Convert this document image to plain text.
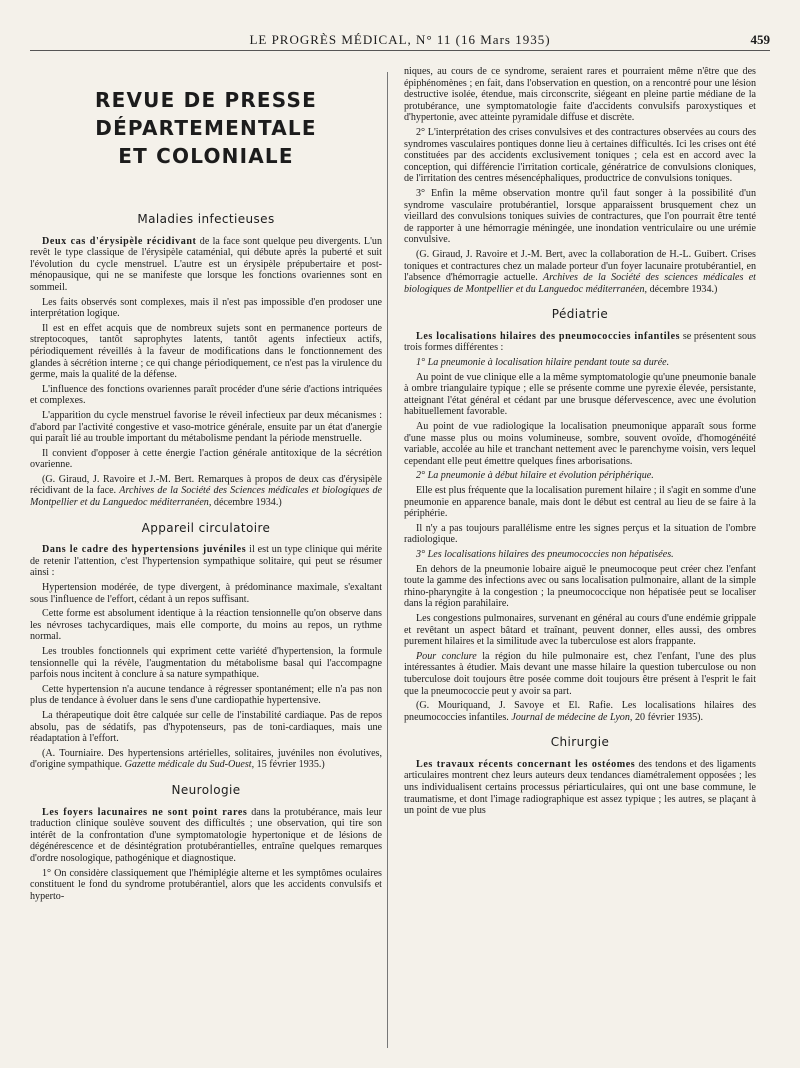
LE PROGRÈS MÉDICAL, N° 11 (16 Mars 1935)	459
REVUE DE PRESSE DÉPARTEMENTALE
ET COLONIALE
Maladies infectieuses

Deux cas d'érysipèle récidivant de la face sont quelque peu divergents. L'un revêt le type classique de l'érysipèle cataménial, qui débute après la puberté et suit l'évolution du cycle menstruel. L'autre est un érysipèle prépubertaire et post-ménopausique, qui ne se manifeste que lorsque les fonctions ovariennes sont en sommeil.

Les faits observés sont complexes, mais il n'est pas impossible d'en prodoser une interprétation logique.

Il est en effet acquis que de nombreux sujets sont en permanence porteurs de streptocoques, tantôt saprophytes latents, tantôt agents infectieux actifs, périodiquement réveillés à la faveur de modifications dans le fonctionnement des glandes à sécrétion interne ; ce qui change périodiquement, ce n'est pas la virulence du germe, mais la qualité de la défense.

L'influence des fonctions ovariennes paraît procéder d'une série d'actions intriquées et complexes.

L'apparition du cycle menstruel favorise le réveil infectieux par deux mécanismes : d'abord par l'activité congestive et vaso-motrice générale, ensuite par un état d'anergie qui paraît lié au trouble important du métabolisme pendant la période menstruelle.

Il convient d'opposer à cette énergie l'action générale antitoxique de la sécrétion ovarienne.

(G. Giraud, J. Ravoire et J.-M. Bert. Remarques à propos de deux cas d'érysipèle récidivant de la face. Archives de la Société des Sciences médicales et biologiques de Montpellier et du Languedoc méditerranéen, décembre 1934.)

Appareil circulatoire

Dans le cadre des hypertensions juvéniles il est un type clinique qui mérite de retenir l'attention, c'est l'hypertension sympathique solitaire, qui peut se résumer ainsi :

Hypertension modérée, de type divergent, à prédominance maximale, s'exaltant sous l'influence de l'effort, cédant à un repos suffisant.

Cette forme est absolument identique à la réaction tensionnelle qu'on observe dans les névroses tachycardiques, mais elle comporte, du moins au repos, un rythme normal.

Les troubles fonctionnels qui expriment cette variété d'hypertension, la formule tensionnelle qui la révèle, l'augmentation du métabolisme basal qui l'accompagne parfois nous incitent à conclure à sa nature sympathique.

Cette hypertension n'a aucune tendance à régresser spontanément; elle n'a pas non plus de tendance à évoluer dans le sens d'une cardiopathie hypertensive.

La thérapeutique doit être calquée sur celle de l'instabilité cardiaque. Pas de repos absolu, pas de sédatifs, pas d'hypotenseurs, pas de toni-cardiaques, mais une réadaptation à l'effort.

(A. Tourniaire. Des hypertensions artérielles, solitaires, juvéniles non évolutives, d'origine sympathique. Gazette médicale du Sud-Ouest, 15 février 1935.)

Neurologie

Les foyers lacunaires ne sont point rares dans la protubérance, mais leur traduction clinique soulève souvent des difficultés ; une observation, qui tire son intérêt de la confrontation d'une symptomatologie hypertonique et de lésions de dégénérescence et de désintégration protubérantielles, entraîne quelques remarques d'ordre nosologique, pathogénique et diagnostique.

1° On considère classiquement que l'hémiplégie alterne et les symptômes oculaires constituent le fond du syndrome protubérantiel, alors que les accidents convulsifs et hyperto-

niques, au cours de ce syndrome, seraient rares et pourraient même n'être que des épiphénomènes ; en fait, dans l'observation en question, on a rencontré pour une lésion destructive isolée, étendue, mais circonscrite, siégeant en pleine partie médiane de la protubérance, une symptomatologie faite d'accidents convulsifs paroxystiques et d'hypertonie, avec atteinte pyramidale diffuse et discrète.

2° L'interprétation des crises convulsives et des contractures observées au cours des syndromes vasculaires pontiques donne lieu à certaines difficultés. Ici les crises ont été constituées par des accidents exclusivement toniques ; cela est en accord avec la conception, qui différencie l'irritation corticale, génératrice de convulsions cloniques, de l'irritation des centres mésencéphaliques, productrice de convulsions toniques.

3° Enfin la même observation montre qu'il faut songer à la possibilité d'un syndrome vasculaire protubérantiel, lorsque apparaissent brusquement chez un vieillard des convulsions toniques suivies de contractures, que l'on pourrait être tenté de rapporter à une hémorragie méningée, une inondation ventriculaire ou une urémie convulsive.

(G. Giraud, J. Ravoire et J.-M. Bert, avec la collaboration de H.-L. Guibert. Crises toniques et contractures chez un malade porteur d'un foyer lacunaire protubérantiel, en l'absence d'hémorragie actuelle. Archives de la Société des sciences médicales et biologiques de Montpellier et du Languedoc méditerranéen, décembre 1934.)

Pédiatrie

Les localisations hilaires des pneumococcies infantiles se présentent sous trois formes différentes :

1° La pneumonie à localisation hilaire pendant toute sa durée.

Au point de vue clinique elle a la même symptomatologie qu'une pneumonie banale à ombre triangulaire typique ; elle se présente comme une pyrexie élevée, persistante, atteignant l'état général et cédant par une brusque défervescence, avec une évolution habituellement favorable.

Au point de vue radiologique la localisation pneumonique apparaît sous forme d'une masse plus ou moins volumineuse, sombre, souvent ovoïde, d'homogénéité variable, accolée au hile et tranchant nettement avec le parenchyme voisin, vers lequel cependant elle peut émettre quelques fines arborisations.

2° La pneumonie à début hilaire et évolution périphérique.

Elle est plus fréquente que la localisation purement hilaire ; il s'agit en somme d'une pneumonie en apparence banale, mais dont le début est central au lieu de se faire à la périphérie.

Il n'y a pas toujours parallélisme entre les signes perçus et la situation de l'ombre radiologique.

3° Les localisations hilaires des pneumococcies non hépatisées.

En dehors de la pneumonie lobaire aiguë le pneumocoque peut créer chez l'enfant toute la gamme des infections avec ou sans localisation pulmonaire, allant de la simple rhino-pharyngite à la congestion ; la pneumococcique non hépatisée peut se localiser dans la région parahilaire.

Les congestions pulmonaires, survenant en général au cours d'une endémie grippale et revêtant un aspect bâtard et traînant, peuvent donner, elles aussi, des ombres purement hilaires et la similitude avec la tuberculose est alors frappante.

Pour conclure la région du hile pulmonaire est, chez l'enfant, l'une des plus intéressantes à étudier. Mais devant une masse hilaire la question tuberculose ou non tuberculose doit toujours être posée comme doit toujours être présent à l'esprit le fait que la pneumococcie peut y avoir sa part.

(G. Mouriquand, J. Savoye et El. Rafie. Les localisations hilaires des pneumococcies infantiles. Journal de médecine de Lyon, 20 février 1935).

Chirurgie

Les travaux récents concernant les ostéomes des tendons et des ligaments articulaires montrent chez leurs auteurs deux tendances diamétralement opposées ; les uns individualisent certains processus périarticulaires, qui ont une base commune, le traumatisme, et dont l'image radiographique est assez typique ; les autres, se plaçant à un point de vue plus
